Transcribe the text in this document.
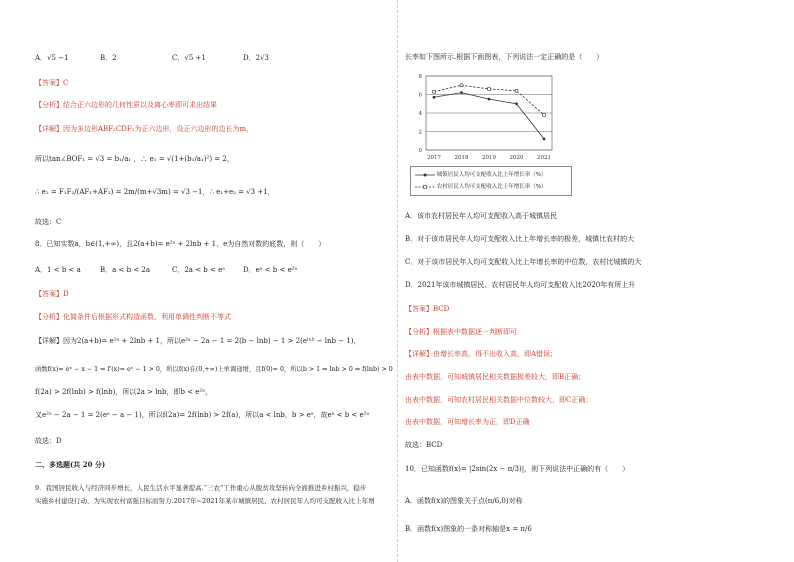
A．√5 −1	B．2	C．√5 +1	D．2√3
【答案】C
【分析】结合正六边形的几何性质以及离心率即可求出结果
【详解】因为多边形ABF₂CDF₁为正六边形，设正六边形的边长为m，
所以tan∠BOF₁ = √3 = b₁/a₁ ，∴ e₁ = √(1+(b₁/a₁)²) = 2，
∴ e₂ = F₁F₂/(AF₁+AF₂) = 2m/(m+√3m) = √3 −1，∴ e₁+e₂ = √3 +1，
故选：C
8．已知实数a，b∈(1,+∞)，且2(a+b)= e²ᵃ + 2lnb + 1，e为自然对数的底数，则（　　）
A．1 < b < a	B．a < b < 2a	C．2a < b < eᵃ	D．eᵃ < b < e²ᵃ
【答案】D
【分析】化简条件后根据形式构造函数，利用单调性判断不等式
【详解】因为2(a+b)= e²ᵃ + 2lnb + 1，所以e²ᵃ − 2a − 1 = 2(b − lnb) − 1 > 2(eˡⁿᵇ − lnb − 1)，
函数f(x)= eˣ − x − 1 ⇒ f′(x)= eˣ − 1 > 0，所以f(x)在(0,+∞)上单调递增，且f(0)= 0，所以b > 1 ⇒ lnb > 0 ⇒ f(lnb) > 0
f(2a) > 2f(lnb) > f(lnb)，所以2a > lnb，即b < e²ᵃ，
又e²ᵃ − 2a − 1 = 2(eᵃ − a − 1)，所以f(2a)= 2f(lnb) > 2f(a)，所以a < lnb，b > eᵃ，故eᵃ < b < e²ᵃ
故选：D
二、多选题(共 20 分)
9．我国居民收入与经济同步增长，人民生活水平显著提高.“三农”工作重心从脱贫攻坚转向全面推进乡村振兴，稳步
实施乡村建设行动，为实现农村富强目标而努力.2017年~2021年某市城镇居民、农村居民年人均可支配收入比上年增
长率如下图所示.根据下面图表，下列说法一定正确的是（　　）
0
2
4
6
8
2017 2018 2019 2020 2021
城镇居民人均可支配收入比上年增长率（%）
农村居民人均可支配收入比上年增长率（%）
A．该市农村居民年人均可支配收入高于城镇居民
B．对于该市居民年人均可支配收入比上年增长率的极差，城镇比农村的大
C．对于该市居民年人均可支配收入比上年增长率的中位数，农村比城镇的大
D．2021年该市城镇居民、农村居民年人均可支配收入比2020年有所上升
【答案】BCD
【分析】根据表中数据逐一判断即可
【详解】由增长率高，得不出收入高，即A错误；
由表中数据，可知城镇居民相关数据极差较大，即B正确；
由表中数据，可知农村居民相关数据中位数较大，即C正确；
由表中数据，可知增长率为正，即D正确
故选：BCD
10．已知函数f(x)= |2sin(2x − π/3)|，则下列说法中正确的有（　　）
A．函数f(x)的图象关于点(π/6,0)对称
B．函数f(x)图象的一条对称轴是x = π/6
